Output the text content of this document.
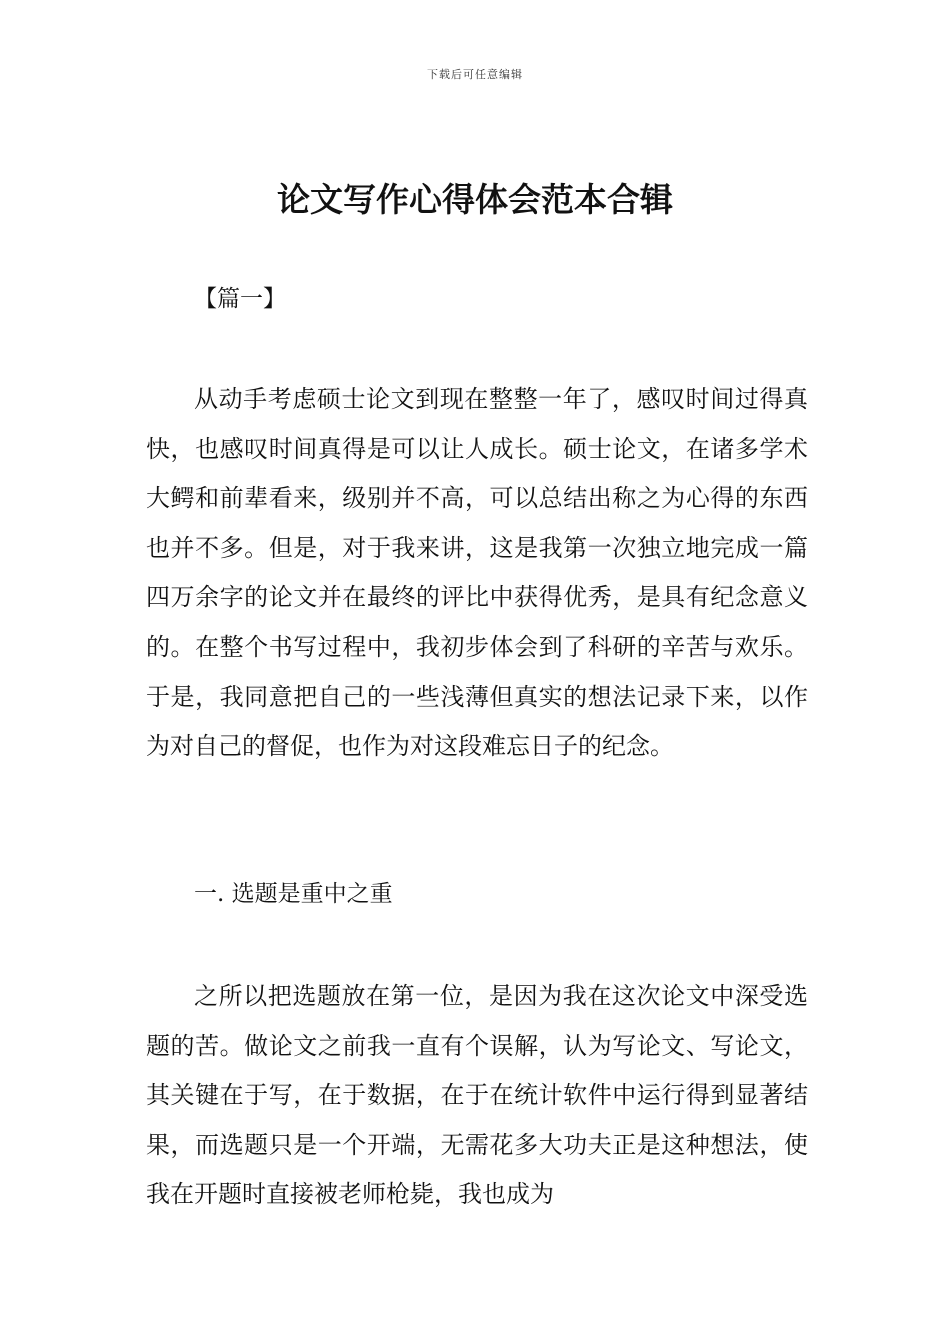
下载后可任意编辑
论文写作心得体会范本合辑
【篇一】

从动手考虑硕士论文到现在整整一年了，感叹时间过得真快，也感叹时间真得是可以让人成长。硕士论文，在诸多学术大鳄和前辈看来，级别并不高，可以总结出称之为心得的东西也并不多。但是，对于我来讲，这是我第一次独立地完成一篇四万余字的论文并在最终的评比中获得优秀，是具有纪念意义的。在整个书写过程中，我初步体会到了科研的辛苦与欢乐。于是，我同意把自己的一些浅薄但真实的想法记录下来，以作为对自己的督促，也作为对这段难忘日子的纪念。

一. 选题是重中之重

之所以把选题放在第一位，是因为我在这次论文中深受选题的苦。做论文之前我一直有个误解，认为写论文、写论文，其关键在于写，在于数据，在于在统计软件中运行得到显著结果，而选题只是一个开端，无需花多大功夫正是这种想法，使我在开题时直接被老师枪毙，我也成为
